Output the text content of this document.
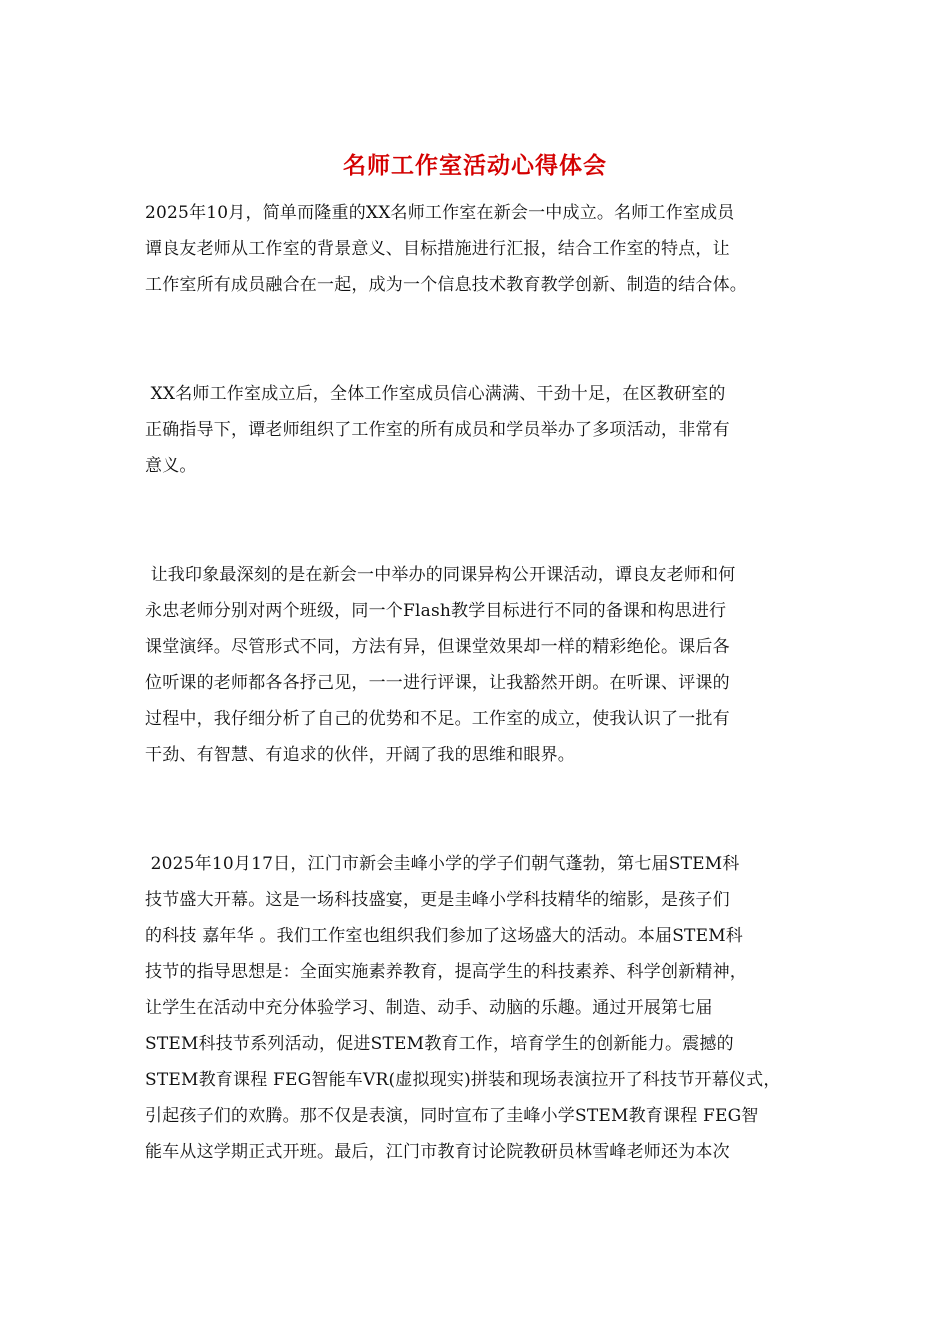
名师工作室活动心得体会
2025年10月，简单而隆重的XX名师工作室在新会一中成立。名师工作室成员
谭良友老师从工作室的背景意义、目标措施进行汇报，结合工作室的特点，让
工作室所有成员融合在一起，成为一个信息技术教育教学创新、制造的结合体。
XX名师工作室成立后，全体工作室成员信心满满、干劲十足，在区教研室的
正确指导下，谭老师组织了工作室的所有成员和学员举办了多项活动，非常有
意义。
让我印象最深刻的是在新会一中举办的同课异构公开课活动，谭良友老师和何
永忠老师分别对两个班级，同一个Flash教学目标进行不同的备课和构思进行
课堂演绎。尽管形式不同，方法有异，但课堂效果却一样的精彩绝伦。课后各
位听课的老师都各各抒己见，一一进行评课，让我豁然开朗。在听课、评课的
过程中，我仔细分析了自己的优势和不足。工作室的成立，使我认识了一批有
干劲、有智慧、有追求的伙伴，开阔了我的思维和眼界。
2025年10月17日，江门市新会圭峰小学的学子们朝气蓬勃，第七届STEM科
技节盛大开幕。这是一场科技盛宴，更是圭峰小学科技精华的缩影，是孩子们
的科技 嘉年华 。我们工作室也组织我们参加了这场盛大的活动。本届STEM科
技节的指导思想是：全面实施素养教育，提高学生的科技素养、科学创新精神，
让学生在活动中充分体验学习、制造、动手、动脑的乐趣。通过开展第七届
STEM科技节系列活动，促进STEM教育工作，培育学生的创新能力。震撼的
STEM教育课程 FEG智能车VR(虚拟现实)拼装和现场表演拉开了科技节开幕仪式，
引起孩子们的欢腾。那不仅是表演，同时宣布了圭峰小学STEM教育课程 FEG智
能车从这学期正式开班。最后，江门市教育讨论院教研员林雪峰老师还为本次
